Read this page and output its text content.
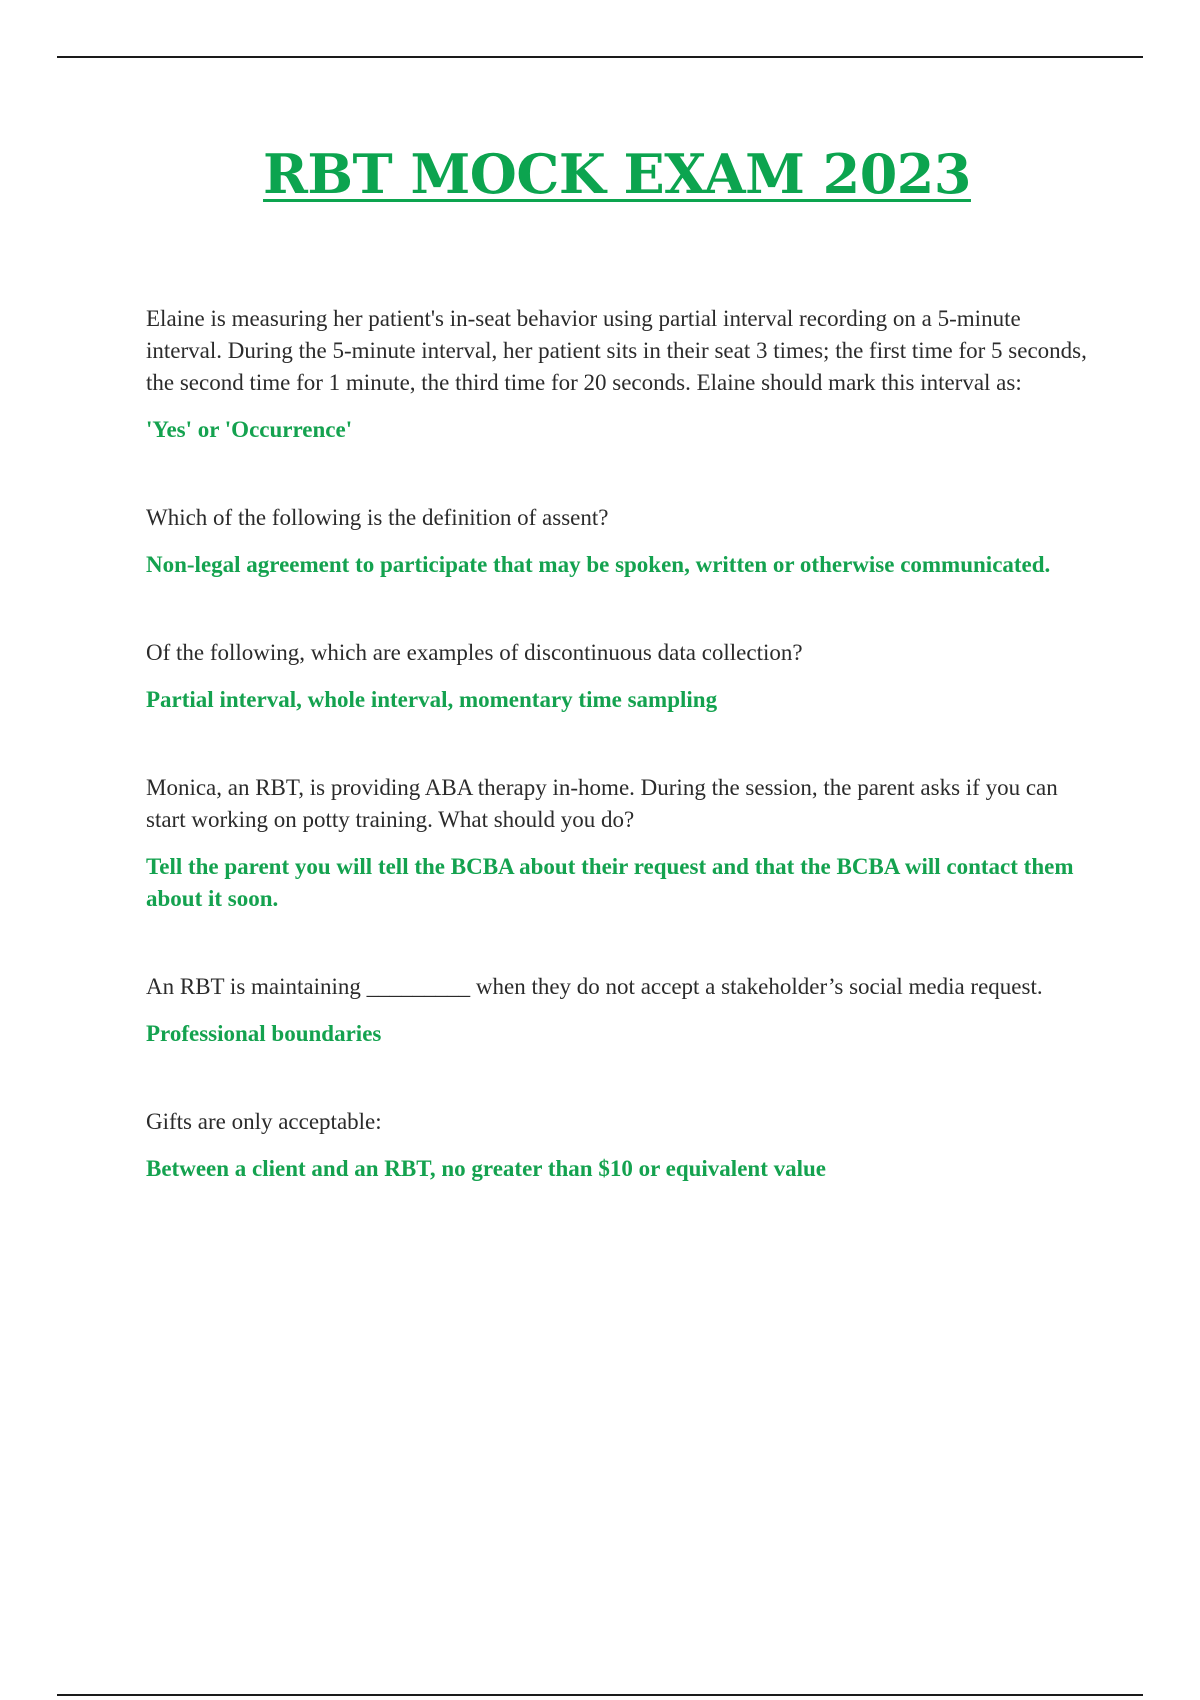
RBT MOCK EXAM 2023

Elaine is measuring her patient's in-seat behavior using partial interval recording on a 5-minute interval. During the 5-minute interval, her patient sits in their seat 3 times; the first time for 5 seconds, the second time for 1 minute, the third time for 20 seconds. Elaine should mark this interval as:

'Yes' or 'Occurrence'

Which of the following is the definition of assent?

Non-legal agreement to participate that may be spoken, written or otherwise communicated.

Of the following, which are examples of discontinuous data collection?

Partial interval, whole interval, momentary time sampling

Monica, an RBT, is providing ABA therapy in-home. During the session, the parent asks if you can start working on potty training. What should you do?

Tell the parent you will tell the BCBA about their request and that the BCBA will contact them about it soon.

An RBT is maintaining _________ when they do not accept a stakeholder’s social media request.

Professional boundaries

Gifts are only acceptable:

Between a client and an RBT, no greater than $10 or equivalent value
